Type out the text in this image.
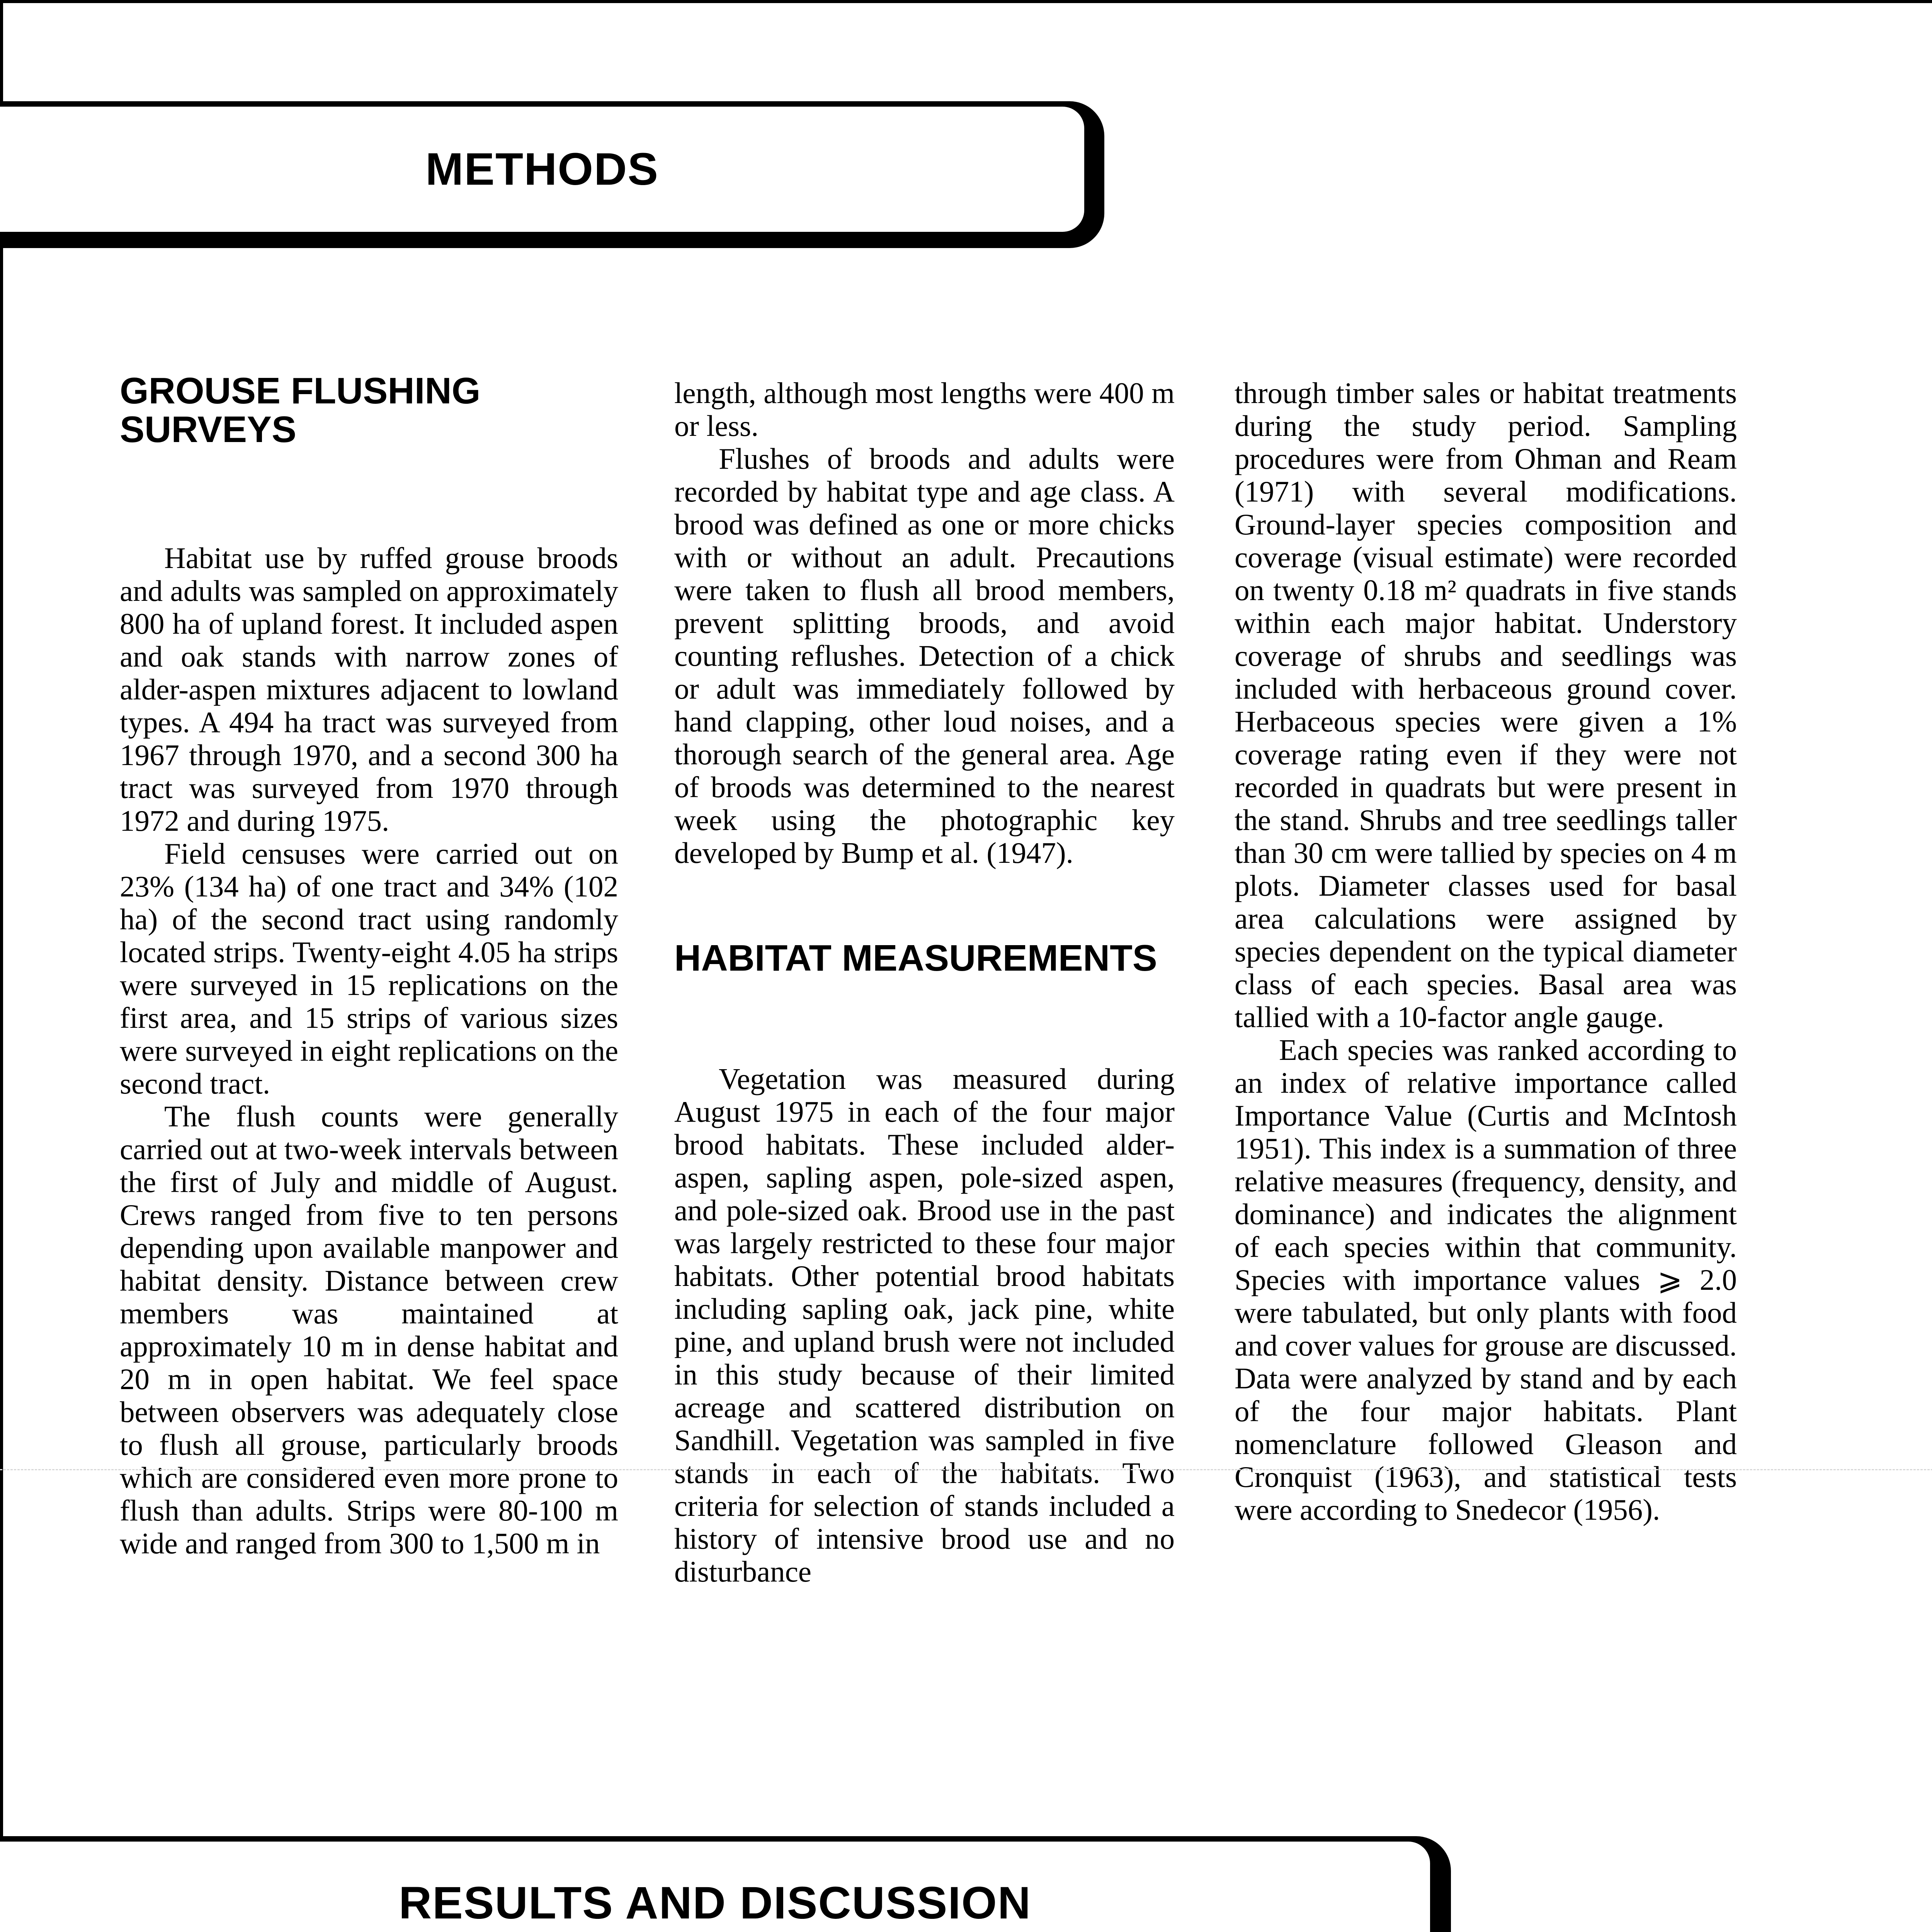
METHODS
GROUSE FLUSHING
SURVEYS

Habitat use by ruffed grouse broods and adults was sampled on approximately 800 ha of upland forest. It included aspen and oak stands with narrow zones of alder-aspen mixtures adjacent to lowland types. A 494 ha tract was surveyed from 1967 through 1970, and a second 300 ha tract was surveyed from 1970 through 1972 and during 1975.

Field censuses were carried out on 23% (134 ha) of one tract and 34% (102 ha) of the second tract using randomly located strips. Twenty-eight 4.05 ha strips were surveyed in 15 replications on the first area, and 15 strips of various sizes were surveyed in eight replications on the second tract.

The flush counts were generally carried out at two-week intervals between the first of July and middle of August. Crews ranged from five to ten persons depending upon available manpower and habitat density. Distance between crew members was maintained at approximately 10 m in dense habitat and 20 m in open habitat. We feel space between observers was adequately close to flush all grouse, particularly broods which are considered even more prone to flush than adults. Strips were 80-100 m wide and ranged from 300 to 1,500 m in

length, although most lengths were 400 m or less.

Flushes of broods and adults were recorded by habitat type and age class. A brood was defined as one or more chicks with or without an adult. Precautions were taken to flush all brood members, prevent splitting broods, and avoid counting reflushes. Detection of a chick or adult was immediately followed by hand clapping, other loud noises, and a thorough search of the general area. Age of broods was determined to the nearest week using the photographic key developed by Bump et al. (1947).

HABITAT MEASUREMENTS

Vegetation was measured during August 1975 in each of the four major brood habitats. These included alder-aspen, sapling aspen, pole-sized aspen, and pole-sized oak. Brood use in the past was largely restricted to these four major habitats. Other potential brood habitats including sapling oak, jack pine, white pine, and upland brush were not included in this study because of their limited acreage and scattered distribution on Sandhill. Vegetation was sampled in five stands in each of the habitats. Two criteria for selection of stands included a history of intensive brood use and no disturbance

through timber sales or habitat treatments during the study period. Sampling procedures were from Ohman and Ream (1971) with several modifications. Ground-layer species composition and coverage (visual estimate) were recorded on twenty 0.18 m² quadrats in five stands within each major habitat. Understory coverage of shrubs and seedlings was included with herbaceous ground cover. Herbaceous species were given a 1% coverage rating even if they were not recorded in quadrats but were present in the stand. Shrubs and tree seedlings taller than 30 cm were tallied by species on 4 m plots. Diameter classes used for basal area calculations were assigned by species dependent on the typical diameter class of each species. Basal area was tallied with a 10-factor angle gauge.

Each species was ranked according to an index of relative importance called Importance Value (Curtis and McIntosh 1951). This index is a summation of three relative measures (frequency, density, and dominance) and indicates the alignment of each species within that community. Species with importance values ⩾ 2.0 were tabulated, but only plants with food and cover values for grouse are discussed. Data were analyzed by stand and by each of the four major habitats. Plant nomenclature followed Gleason and Cronquist (1963), and statistical tests were according to Snedecor (1956).

RESULTS AND DISCUSSION
